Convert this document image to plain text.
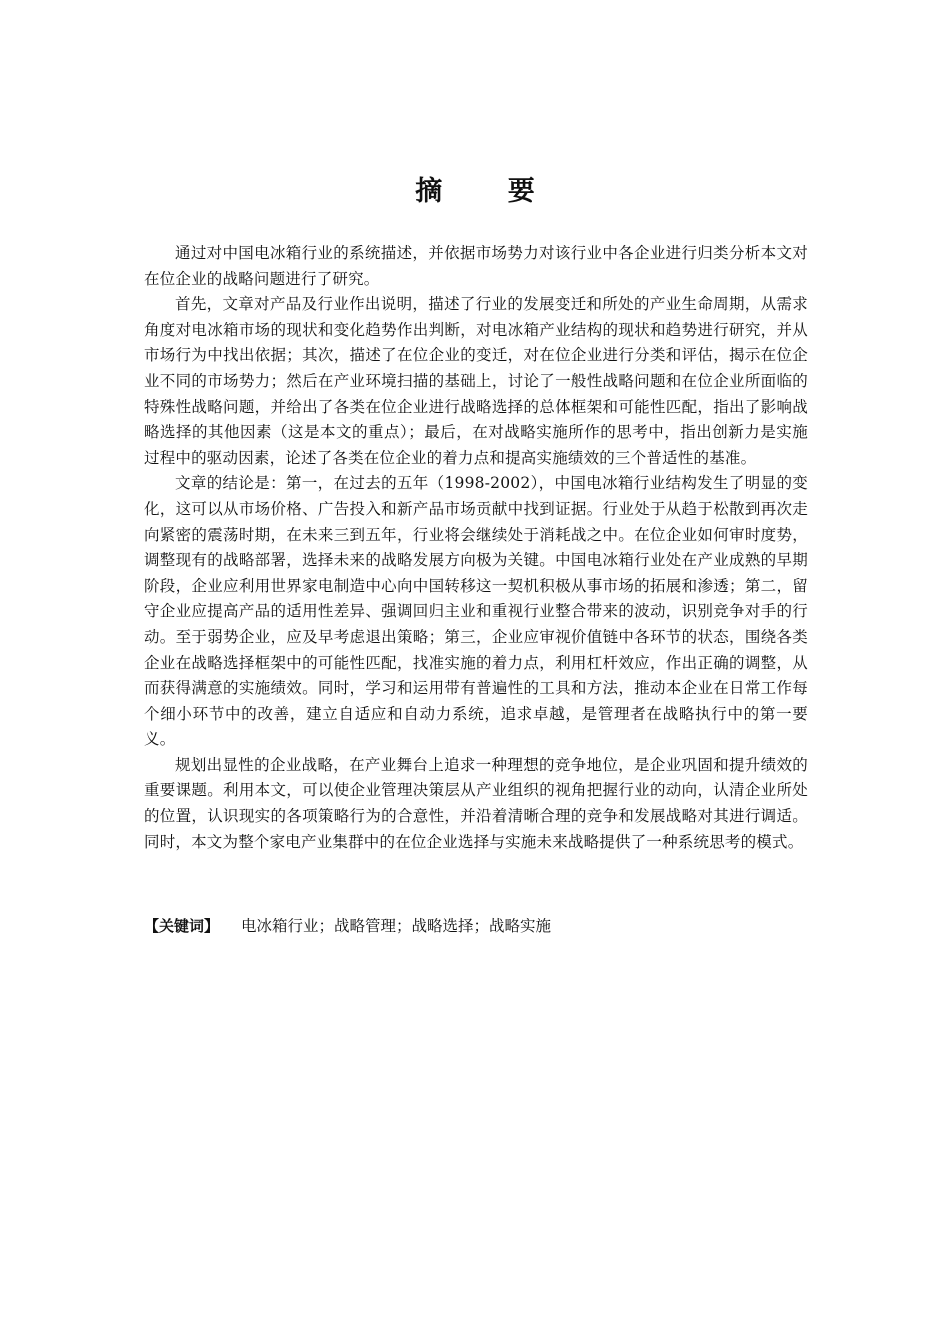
摘 要

通过对中国电冰箱行业的系统描述，并依据市场势力对该行业中各企业进行归类分析本文对在位企业的战略问题进行了研究。

首先，文章对产品及行业作出说明，描述了行业的发展变迁和所处的产业生命周期，从需求角度对电冰箱市场的现状和变化趋势作出判断，对电冰箱产业结构的现状和趋势进行研究，并从市场行为中找出依据；其次，描述了在位企业的变迁，对在位企业进行分类和评估，揭示在位企业不同的市场势力；然后在产业环境扫描的基础上，讨论了一般性战略问题和在位企业所面临的特殊性战略问题，并给出了各类在位企业进行战略选择的总体框架和可能性匹配，指出了影响战略选择的其他因素（这是本文的重点）；最后，在对战略实施所作的思考中，指出创新力是实施过程中的驱动因素，论述了各类在位企业的着力点和提高实施绩效的三个普适性的基准。

文章的结论是：第一，在过去的五年（1998-2002），中国电冰箱行业结构发生了明显的变化，这可以从市场价格、广告投入和新产品市场贡献中找到证据。行业处于从趋于松散到再次走向紧密的震荡时期，在未来三到五年，行业将会继续处于消耗战之中。在位企业如何审时度势，调整现有的战略部署，选择未来的战略发展方向极为关键。中国电冰箱行业处在产业成熟的早期阶段，企业应利用世界家电制造中心向中国转移这一契机积极从事市场的拓展和渗透；第二，留守企业应提高产品的适用性差异、强调回归主业和重视行业整合带来的波动，识别竞争对手的行动。至于弱势企业，应及早考虑退出策略；第三，企业应审视价值链中各环节的状态，围绕各类企业在战略选择框架中的可能性匹配，找准实施的着力点，利用杠杆效应，作出正确的调整，从而获得满意的实施绩效。同时，学习和运用带有普遍性的工具和方法，推动本企业在日常工作每个细小环节中的改善，建立自适应和自动力系统，追求卓越，是管理者在战略执行中的第一要义。

规划出显性的企业战略，在产业舞台上追求一种理想的竞争地位，是企业巩固和提升绩效的重要课题。利用本文，可以使企业管理决策层从产业组织的视角把握行业的动向，认清企业所处的位置，认识现实的各项策略行为的合意性，并沿着清晰合理的竞争和发展战略对其进行调适。同时，本文为整个家电产业集群中的在位企业选择与实施未来战略提供了一种系统思考的模式。

【关键词】 电冰箱行业；战略管理；战略选择；战略实施
